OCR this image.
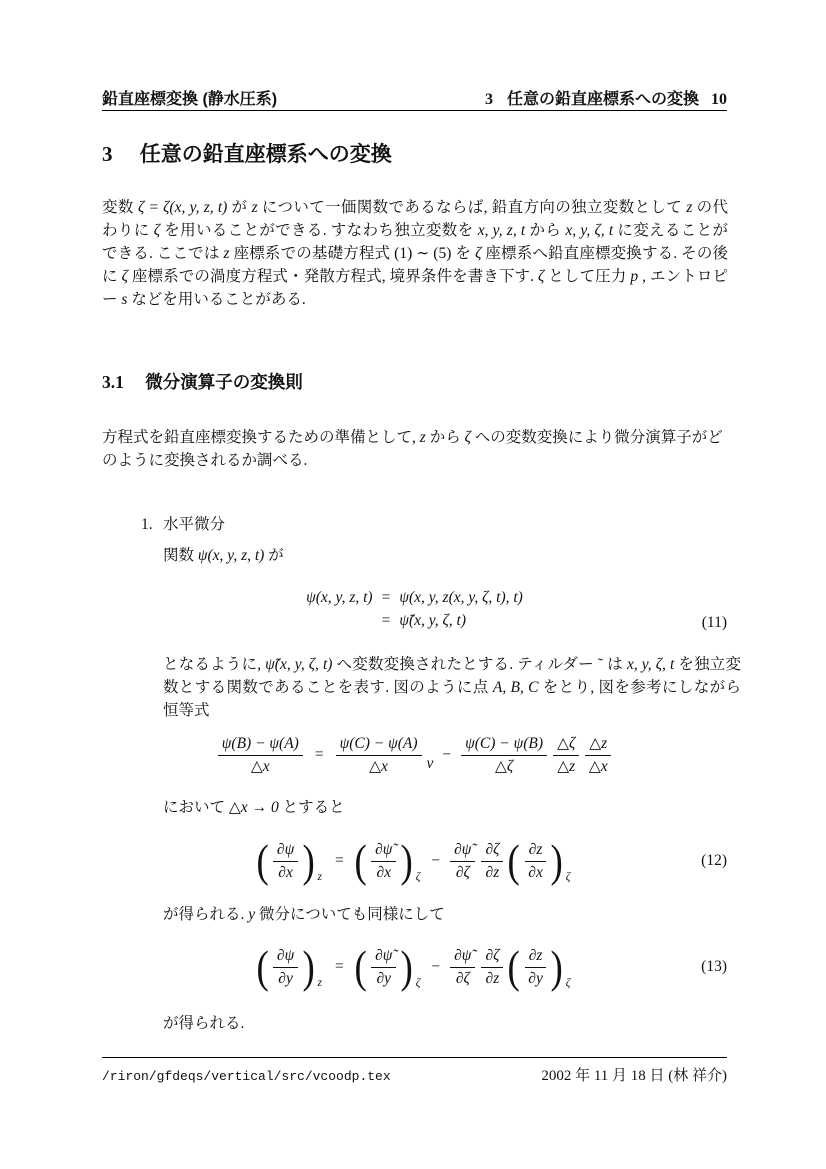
鉛直座標変換 (静水圧系)	3 任意の鉛直座標系への変換 10
3 任意の鉛直座標系への変換

変数 ζ = ζ(x, y, z, t) が z について一価関数であるならば, 鉛直方向の独立変数として z の代わりに ζ を用いることができる. すなわち独立変数を x, y, z, t から x, y, ζ, t に変えることができる. ここでは z 座標系での基礎方程式 (1) ∼ (5) を ζ 座標系へ鉛直座標変換する. その後に ζ 座標系での渦度方程式・発散方程式, 境界条件を書き下す. ζ として圧力 p , エントロピー s などを用いることがある.

3.1 微分演算子の変換則

方程式を鉛直座標変換するための準備として, z から ζ への変数変換により微分演算子がどのように変換されるか調べる.

1. 水平微分

関数 ψ(x, y, z, t) が

ψ(x, y, z, t) = ψ(x, y, z(x, y, ζ, t), t)
= ψ̃(x, y, ζ, t)	(11)

となるように, ψ̃(x, y, ζ, t) へ変数変換されたとする. ティルダー ˜ は x, y, ζ, t を独立変数とする関数であることを表す. 図のように点 A, B, C をとり, 図を参考にしながら恒等式

$\frac{\psi(B) - \psi(A)}{\triangle x} = \frac{\psi(C) - \psi(A)}{\triangle x}$ v
− $\frac{\psi(C) - \psi(B)}{\triangle\zeta} \frac{\triangle\zeta}{\triangle z} \frac{\triangle z}{\triangle x}$

において △x → 0 とすると

( $\frac{\partial\psi}{\partial x}$ ) z
= ( $\frac{\partial\psĩ}{\partial x}$ ) ζ
− $\frac{\partial\psĩ}{\partial\zeta} \frac{\partial\zeta}{\partial z}$ ( $\frac{\partial z}{\partial x}$ ) ζ
(12)

が得られる. y 微分についても同様にして

( $\frac{\partial\psi}{\partial y}$ ) z
= ( $\frac{\partial\psĩ}{\partial y}$ ) ζ
− $\frac{\partial\psĩ}{\partial\zeta} \frac{\partial\zeta}{\partial z}$ ( $\frac{\partial z}{\partial y}$ ) ζ
(13)

が得られる.

/riron/gfdeqs/vertical/src/vcoodp.tex	2002 年 11 月 18 日 (林 祥介)
